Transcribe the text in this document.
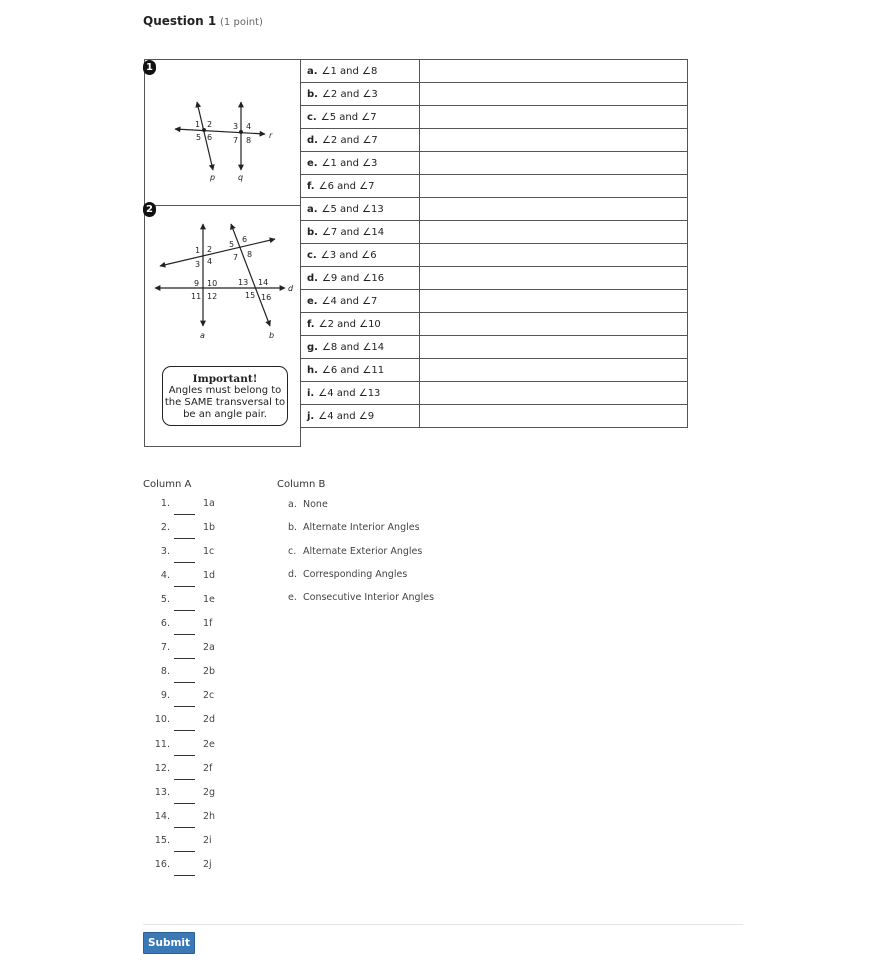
Question 1 (1 point)
1 2
5 6
3 4
7 8
r
p	q
1
1 2
3 4
5
6
7 8
9 10
11 12
13 14
15 16
d
a	b
Important!
Angles must belong to
the SAME transversal to
be an angle pair.
2
a. ∠1 and ∠8	
b. ∠2 and ∠3	
c. ∠5 and ∠7	
d. ∠2 and ∠7	
e. ∠1 and ∠3	
f. ∠6 and ∠7	
a. ∠5 and ∠13	
b. ∠7 and ∠14	
c. ∠3 and ∠6	
d. ∠9 and ∠16	
e. ∠4 and ∠7	
f. ∠2 and ∠10	
g. ∠8 and ∠14	
h. ∠6 and ∠11	
i. ∠4 and ∠13	
j. ∠4 and ∠9	
Column A	Column B
1.	1a
2.	1b
3.	1c
4.	1d
5.	1e
6.	1f
7.	2a
8.	2b
9.	2c
10.	2d
11.	2e
12.	2f
13.	2g
14.	2h
15.	2i
16.	2j
a. None
b. Alternate Interior Angles
c. Alternate Exterior Angles
d. Corresponding Angles
e. Consecutive Interior Angles
Submit
